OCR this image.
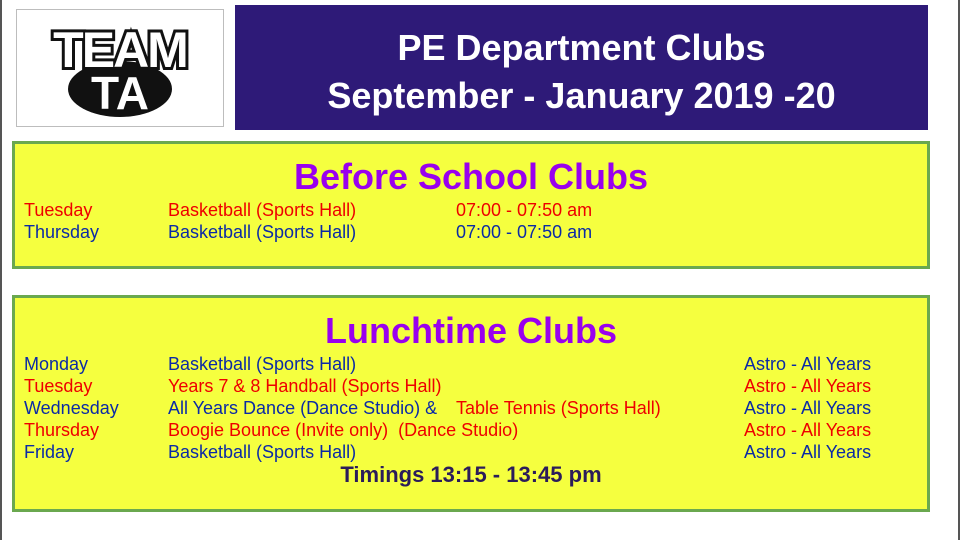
TEAM
TA
PE Department Clubs
September - January 2019 -20
Before School Clubs
Tuesday	Basketball (Sports Hall)	07:00 - 07:50 am
Thursday	Basketball (Sports Hall)	07:00 - 07:50 am
Lunchtime Clubs
Monday	Basketball (Sports Hall)	Astro - All Years
Tuesday	Years 7 & 8 Handball (Sports Hall)	Astro - All Years
Wednesday	All Years Dance (Dance Studio) & Table Tennis (Sports Hall)	Astro - All Years
Thursday	Boogie Bounce (Invite only)  (Dance Studio)	Astro - All Years
Friday	Basketball (Sports Hall)	Astro - All Years
Timings 13:15 - 13:45 pm
